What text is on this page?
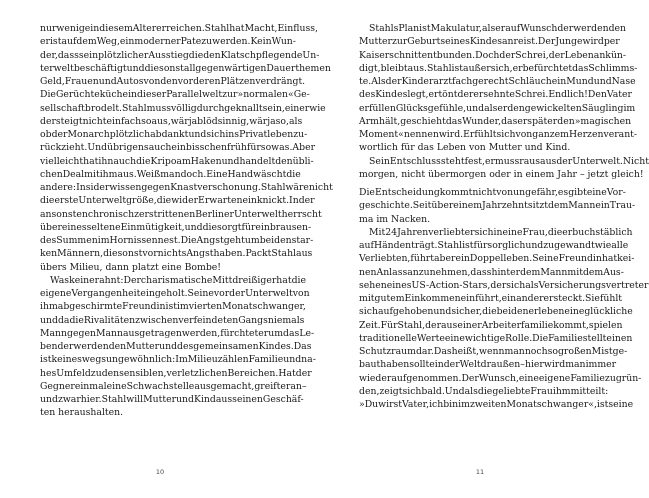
nur wenige in diesem Alter erreichen. Stahl hat Macht, Einfluss,
er ist auf dem Weg, ein moderner Pate zu werden. Kein Wun-
der, dass sein plötzlicher Ausstieg die den Klatsch pflegende Un-
terwelt beschäftigt und die sonst allgegenwärtigen Dauerthemen
Geld, Frauen und Autos von den vorderen Plätzen verdrängt.
Die Gerüchteküche in dieser Parallelwelt zur »normalen« Ge-
sellschaft brodelt. Stahl muss völlig durchgeknallt sein, einer wie
der steigt nicht einfach so aus, wär ja blödsinnig, wär ja so, als
ob der Monarch plötzlich abdankt und sich ins Privatleben zu-
rückzieht. Und übrigens auch ein bisschen früh für so was. Aber
vielleicht hat ihn auch die Kripo am Haken und handelt den übli-
chen Deal mit ihm aus. Weiß man doch. Eine Hand wäscht die
andere: Insiderwissen gegen Knastverschonung. Stahl wäre nicht
die erste Unterweltgröße, die wider Erwarten einknickt. In der
ansonsten chronisch zerstrittenen Berliner Unterwelt herrscht
über eines seltene Einmütigkeit, und die sorgt für ein brausen-
des Summen im Hornissennest. Die Angst geht um bei den star-
ken Männern, die sonst vor nichts Angst haben. Packt Stahl aus
übers Milieu, dann platzt eine Bombe!
Was keiner ahnt: Der charismatische Mittdreißiger hat die
eigene Vergangenheit eingeholt. Seine vor der Unterwelt von
ihm abgeschirmte Freundin ist im vierten Monat schwanger,
und da die Rivalitäten zwischen verfeindeten Gangs niemals
Mann gegen Mann ausgetragen werden, fürchtet er um das Le-
ben der werdenden Mutter und des gemeinsamen Kindes. Das
ist keineswegs ungewöhnlich: Im Milieu zählen Familie und na-
hes Umfeld zu den sensiblen, verletzlichen Bereichen. Hat der
Gegner einmal eine Schwachstelle ausgemacht, greift er an –
und zwar hier. Stahl will Mutter und Kind aus seinen Geschäf-
ten heraushalten.
10
Stahls Plan ist Makulatur, als er auf Wunsch der werdenden
Mutter zur Geburt seines Kindes anreist. Der Junge wird per
Kaiserschnitt entbunden. Doch der Schrei, der Leben ankün-
digt, bleibt aus. Stahl ist außer sich, er befürchtet das Schlimms-
te. Als der Kinderarzt fachgerecht Schläuche in Mund und Nase
des Kindes legt, ertönt der ersehnte Schrei. Endlich! Den Vater
erfüllen Glücksgefühle, und als er den gewickelten Säugling im
Arm hält, geschieht das Wunder, das er später den »magischen
Moment« nennen wird. Er fühlt sich von ganzem Herzen verant-
wortlich für das Leben von Mutter und Kind.
Sein Entschluss steht fest, er muss raus aus der Unterwelt. Nicht
morgen, nicht übermorgen oder in einem Jahr – jetzt gleich!
Die Entscheidung kommt nicht von ungefähr, es gibt eine Vor-
geschichte. Seit über einem Jahrzehnt sitzt dem Mann ein Trau-
ma im Nacken.
Mit 24 Jahren verliebt er sich in eine Frau, die er buchstäblich
auf Händen trägt. Stahl ist fürsorglich und zugewandt wie alle
Verliebten, führt aber ein Doppelleben. Seine Freundin hat kei-
nen Anlass anzunehmen, dass hinter dem Mann mit dem Aus-
sehen eines US-Action-Stars, der sich als Versicherungsvertreter
mit gutem Einkommen einführt, ein anderer steckt. Sie fühlt
sich aufgehoben und sicher, die beiden erleben eine glückliche
Zeit. Für Stahl, der aus einer Arbeiterfamilie kommt, spielen
traditionelle Werte eine wichtige Rolle. Die Familie stellt einen
Schutzraum dar. Das heißt, wenn man noch so großen Mist ge-
baut haben sollte in der Welt draußen – hier wird man immer
wieder aufgenommen. Der Wunsch, eine eigene Familie zu grün-
den, zeigt sich bald. Und als die geliebte Frau ihm mitteilt:
»Du wirst Vater, ich bin im zweiten Monat schwanger«, ist seine
11
